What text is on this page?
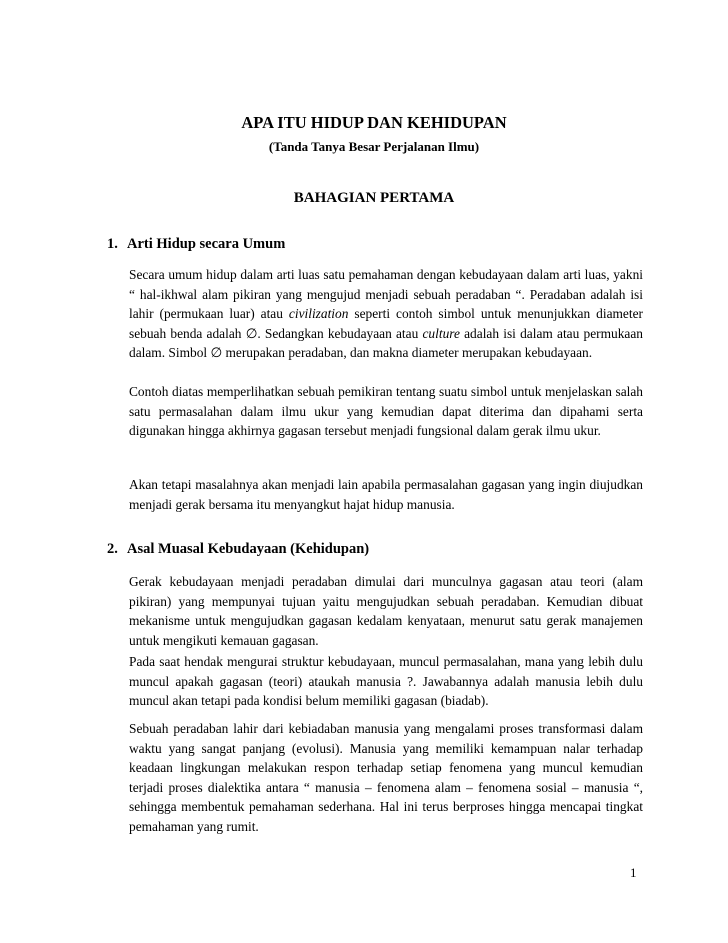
APA ITU HIDUP DAN KEHIDUPAN

(Tanda Tanya Besar Perjalanan Ilmu)

BAHAGIAN PERTAMA

1. Arti Hidup secara Umum

Secara umum hidup dalam arti luas satu pemahaman dengan kebudayaan dalam arti luas, yakni “ hal-ikhwal alam pikiran yang mengujud menjadi sebuah peradaban “. Peradaban adalah isi lahir (permukaan luar) atau civilization seperti contoh simbol untuk menunjukkan diameter sebuah benda adalah ∅. Sedangkan kebudayaan atau culture adalah isi dalam atau permukaan dalam. Simbol ∅ merupakan peradaban, dan makna diameter merupakan kebudayaan.

Contoh diatas memperlihatkan sebuah pemikiran tentang suatu simbol untuk menjelaskan salah satu permasalahan dalam ilmu ukur yang kemudian dapat diterima dan dipahami serta digunakan hingga akhirnya gagasan tersebut menjadi fungsional dalam gerak ilmu ukur.

Akan tetapi masalahnya akan menjadi lain apabila permasalahan gagasan yang ingin diujudkan menjadi gerak bersama itu menyangkut hajat hidup manusia.

2. Asal Muasal Kebudayaan (Kehidupan)

Gerak kebudayaan menjadi peradaban dimulai dari munculnya gagasan atau teori (alam pikiran) yang mempunyai tujuan yaitu mengujudkan sebuah peradaban. Kemudian dibuat mekanisme untuk mengujudkan gagasan kedalam kenyataan, menurut satu gerak manajemen untuk mengikuti kemauan gagasan.

Pada saat hendak mengurai struktur kebudayaan, muncul permasalahan, mana yang lebih dulu muncul apakah gagasan (teori) ataukah manusia ?. Jawabannya adalah manusia lebih dulu muncul akan tetapi pada kondisi belum memiliki gagasan (biadab).

Sebuah peradaban lahir dari kebiadaban manusia yang mengalami proses transformasi dalam waktu yang sangat panjang (evolusi). Manusia yang memiliki kemampuan nalar terhadap keadaan lingkungan melakukan respon terhadap setiap fenomena yang muncul kemudian terjadi proses dialektika antara “ manusia – fenomena alam – fenomena sosial – manusia “, sehingga membentuk pemahaman sederhana. Hal ini terus berproses hingga mencapai tingkat pemahaman yang rumit.

1
